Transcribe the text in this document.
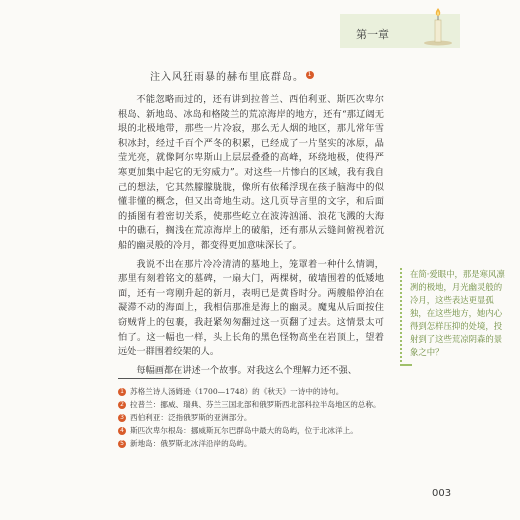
第一章
注入风狂雨暴的赫布里底群岛。 1

不能忽略而过的，还有讲到拉普兰、西伯利亚、斯匹次卑尔根岛、新地岛、冰岛和格陵兰的荒凉海岸的地方，还有“那辽阔无垠的北极地带，那些一片冷寂，那么无人烟的地区，那儿常年雪积冰封，经过千百个严冬的积累，已经成了一片坚实的冰原，晶莹光亮，就像阿尔卑斯山上层层叠叠的高峰，环绕地极，使得严寒更加集中起它的无穷威力”。对这些一片惨白的区域，我有我自己的想法，它其然朦朦胧胧，像所有依稀浮现在孩子脑海中的似懂非懂的概念，但又出奇地生动。这几页导言里的文字，和后面的插图有着密切关系，使那些屹立在波涛汹涌、浪花飞溅的大海中的礁石，搁浅在荒凉海岸上的破船，还有那从云缝间俯视着沉船的幽灵般的冷月，都变得更加意味深长了。

我说不出在那片冷冷清清的墓地上，笼罩着一种什么情调，那里有刻着铭文的墓碑，一扇大门，两棵树，破墙围着的低矮地面，还有一弯刚升起的新月，表明已是黄昏时分。两艘船停泊在凝滞不动的海面上，我相信那准是海上的幽灵。魔鬼从后面按住窃贼背上的包裹，我赶紧匆匆翻过这一页翻了过去。这情景太可怕了。这一幅也一样，头上长角的黑色怪物高坐在岩顶上，望着远处一群围着绞架的人。

每幅画都在讲述一个故事。对我这么个理解力还不强、

在简·爱眼中，那是寒风凛冽的极地，月光幽灵般的冷月，这些表达更显孤独，在这些地方，她内心得到怎样压抑的处境，投射到了这些荒凉阴森的景象之中？
1 苏格兰诗人汤姆逊（1700—1748）的《秋天》一诗中的诗句。
2 拉普兰：挪威、瑞典、芬兰三国北部和俄罗斯西北部科拉半岛地区的总称。
3 西伯利亚：泛指俄罗斯的亚洲部分。
4 斯匹次卑尔根岛：挪威斯瓦尔巴群岛中最大的岛屿，位于北冰洋上。
5 新地岛：俄罗斯北冰洋沿岸的岛屿。
003
